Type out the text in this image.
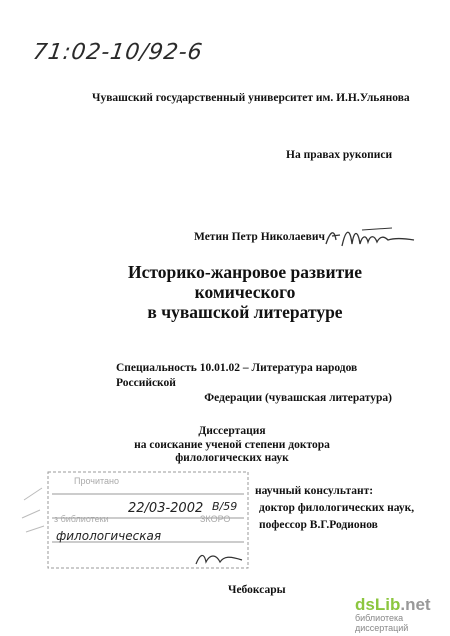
71:02-10/92-6
Чувашский государственный университет им. И.Н.Ульянова
На правах рукописи
Метин Петр Николаевич
Историко-жанровое развитие
комического
в чувашской литературе
Специальность 10.01.02 – Литература народов Российской
Федерации (чувашская литература)
Диссертация
на соискание ученой степени доктора
филологических наук
научный консультант:
доктор филологических наук,
пофессор В.Г.Родионов
Прочитано
з библиотеки	ЗКОРО
22/03-2002 В/59
филологическая
Чебоксары
dsLib.net
библиотека диссертаций
